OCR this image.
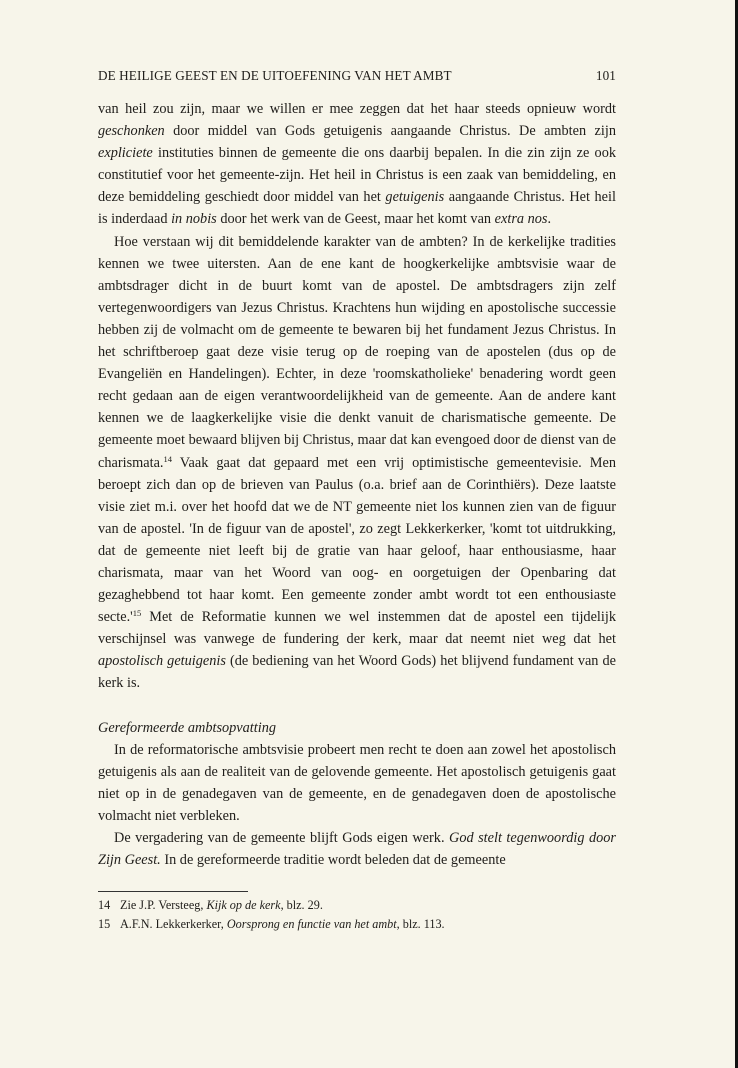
DE HEILIGE GEEST EN DE UITOEFENING VAN HET AMBT	101

van heil zou zijn, maar we willen er mee zeggen dat het haar steeds opnieuw wordt geschonken door middel van Gods getuigenis aangaande Christus. De ambten zijn expliciete instituties binnen de gemeente die ons daarbij bepalen. In die zin zijn ze ook constitutief voor het gemeente-zijn. Het heil in Christus is een zaak van bemiddeling, en deze bemiddeling geschiedt door middel van het getuigenis aangaande Christus. Het heil is inderdaad in nobis door het werk van de Geest, maar het komt van extra nos.

Hoe verstaan wij dit bemiddelende karakter van de ambten? In de kerkelijke tradities kennen we twee uitersten. Aan de ene kant de hoogkerkelijke ambtsvisie waar de ambtsdrager dicht in de buurt komt van de apostel. De ambtsdragers zijn zelf vertegenwoordigers van Jezus Christus. Krachtens hun wijding en apostolische successie hebben zij de volmacht om de gemeente te bewaren bij het fundament Jezus Christus. In het schriftberoep gaat deze visie terug op de roeping van de apostelen (dus op de Evangeliën en Handelingen). Echter, in deze 'roomskatholieke' benadering wordt geen recht gedaan aan de eigen verantwoordelijkheid van de gemeente. Aan de andere kant kennen we de laagkerkelijke visie die denkt vanuit de charismatische gemeente. De gemeente moet bewaard blijven bij Christus, maar dat kan evengoed door de dienst van de charismata.$^{14}$ Vaak gaat dat gepaard met een vrij optimistische gemeentevisie. Men beroept zich dan op de brieven van Paulus (o.a. brief aan de Corinthiërs). Deze laatste visie ziet m.i. over het hoofd dat we de NT gemeente niet los kunnen zien van de figuur van de apostel. 'In de figuur van de apostel', zo zegt Lekkerkerker, 'komt tot uitdrukking, dat de gemeente niet leeft bij de gratie van haar geloof, haar enthousiasme, haar charismata, maar van het Woord van oog- en oorgetuigen der Openbaring dat gezaghebbend tot haar komt. Een gemeente zonder ambt wordt tot een enthousiaste $secte.'^{15}$ Met de Reformatie kunnen we wel instemmen dat de apostel een tijdelijk verschijnsel was vanwege de fundering der kerk, maar dat neemt niet weg dat het apostolisch getuigenis (de bediening van het Woord Gods) het blijvend fundament van de kerk is.

Gereformeerde ambtsopvatting

In de reformatorische ambtsvisie probeert men recht te doen aan zowel het apostolisch getuigenis als aan de realiteit van de gelovende gemeente. Het apostolisch getuigenis gaat niet op in de genadegaven van de gemeente, en de genadegaven doen de apostolische volmacht niet verbleken.

De vergadering van de gemeente blijft Gods eigen werk. God stelt tegenwoordig door Zijn Geest. In de gereformeerde traditie wordt beleden dat de gemeente

14 Zie J.P. Versteeg, Kijk op de kerk, blz. 29.
15 A.F.N. Lekkerkerker, Oorsprong en functie van het ambt, blz. 113.
